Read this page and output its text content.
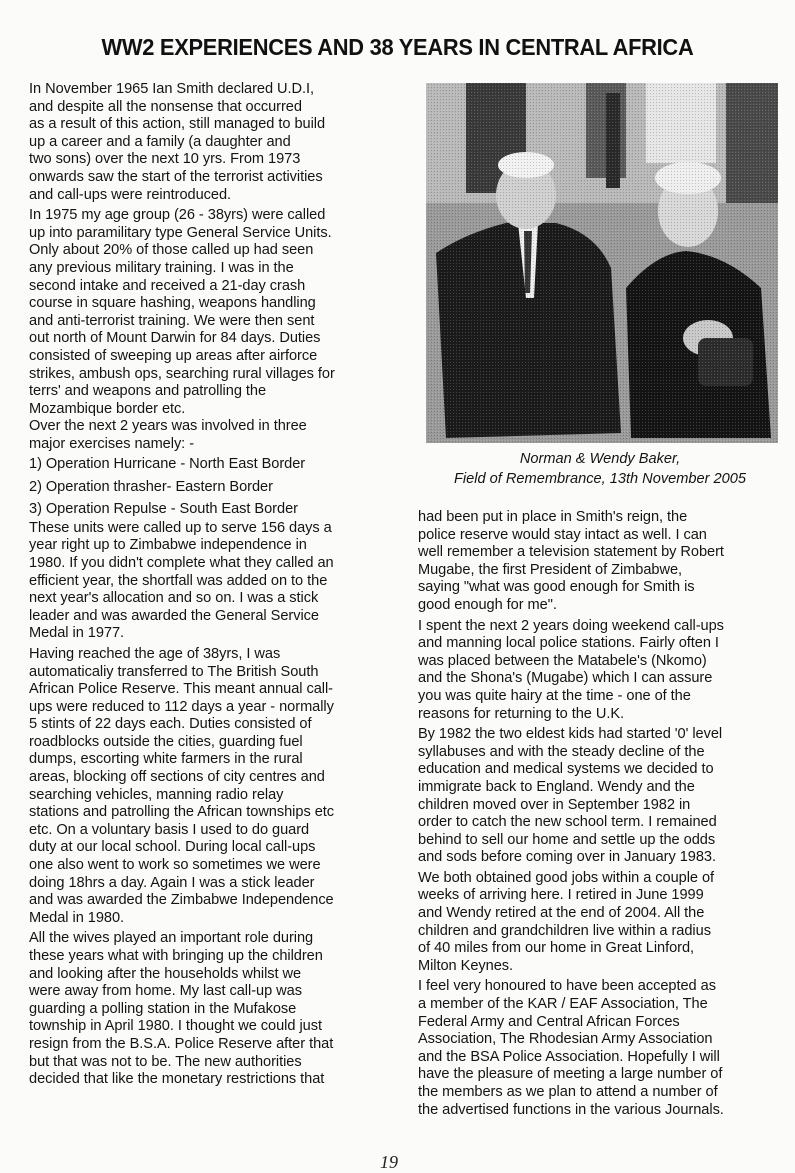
WW2 EXPERIENCES AND 38 YEARS IN CENTRAL AFRICA

In November 1965 Ian Smith declared U.D.I,
and despite all the nonsense that occurred
as a result of this action, still managed to build
up a career and a family (a daughter and
two sons) over the next 10 yrs. From 1973
onwards saw the start of the terrorist activities
and call-ups were reintroduced.

In 1975 my age group (26 - 38yrs) were called
up into paramilitary type General Service Units.
Only about 20% of those called up had seen
any previous military training. I was in the
second intake and received a 21-day crash
course in square hashing, weapons handling
and anti-terrorist training. We were then sent
out north of Mount Darwin for 84 days. Duties
consisted of sweeping up areas after airforce
strikes, ambush ops, searching rural villages for
terrs' and weapons and patrolling the
Mozambique border etc.
Over the next 2 years was involved in three
major exercises namely: -

1) Operation Hurricane - North East Border
2) Operation thrasher- Eastern Border
3) Operation Repulse - South East Border

These units were called up to serve 156 days a
year right up to Zimbabwe independence in
1980. If you didn't complete what they called an
efficient year, the shortfall was added on to the
next year's allocation and so on. I was a stick
leader and was awarded the General Service
Medal in 1977.

Having reached the age of 38yrs, I was
automaticaliy transferred to The British South
African Police Reserve. This meant annual call-
ups were reduced to 112 days a year - normally
5 stints of 22 days each. Duties consisted of
roadblocks outside the cities, guarding fuel
dumps, escorting white farmers in the rural
areas, blocking off sections of city centres and
searching vehicles, manning radio relay
stations and patrolling the African townships etc
etc. On a voluntary basis I used to do guard
duty at our local school. During local call-ups
one also went to work so sometimes we were
doing 18hrs a day. Again I was a stick leader
and was awarded the Zimbabwe Independence
Medal in 1980.

All the wives played an important role during
these years what with bringing up the children
and looking after the households whilst we
were away from home. My last call-up was
guarding a polling station in the Mufakose
township in April 1980. I thought we could just
resign from the B.S.A. Police Reserve after that
but that was not to be. The new authorities
decided that like the monetary restrictions that

Norman & Wendy Baker,
Field of Remembrance, 13th November 2005

had been put in place in Smith's reign, the
police reserve would stay intact as well. I can
well remember a television statement by Robert
Mugabe, the first President of Zimbabwe,
saying "what was good enough for Smith is
good enough for me".

I spent the next 2 years doing weekend call-ups
and manning local police stations. Fairly often I
was placed between the Matabele's (Nkomo)
and the Shona's (Mugabe) which I can assure
you was quite hairy at the time - one of the
reasons for returning to the U.K.

By 1982 the two eldest kids had started '0' level
syllabuses and with the steady decline of the
education and medical systems we decided to
immigrate back to England. Wendy and the
children moved over in September 1982 in
order to catch the new school term. I remained
behind to sell our home and settle up the odds
and sods before coming over in January 1983.

We both obtained good jobs within a couple of
weeks of arriving here. I retired in June 1999
and Wendy retired at the end of 2004. All the
children and grandchildren live within a radius
of 40 miles from our home in Great Linford,
Milton Keynes.

I feel very honoured to have been accepted as
a member of the KAR / EAF Association, The
Federal Army and Central African Forces
Association, The Rhodesian Army Association
and the BSA Police Association. Hopefully I will
have the pleasure of meeting a large number of
the members as we plan to attend a number of
the advertised functions in the various Journals.

19
